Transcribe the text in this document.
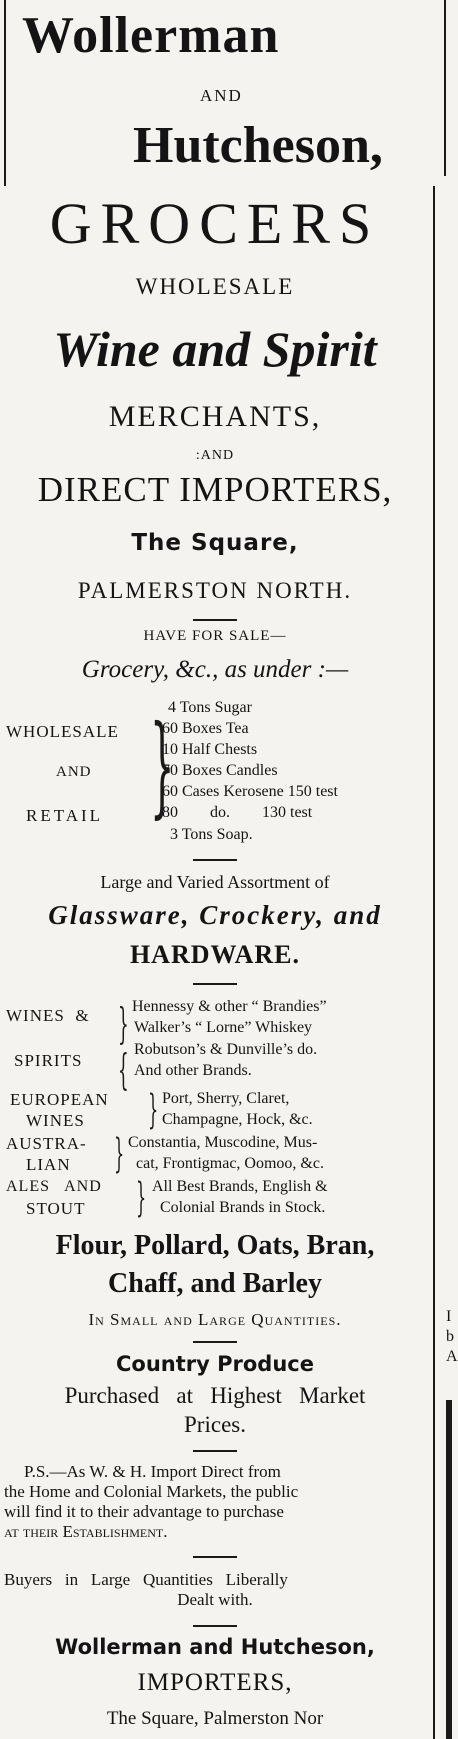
Wollerman
AND
Hutcheson,
GROCERS
WHOLESALE
Wine and Spirit
MERCHANTS,
:AND
DIRECT IMPORTERS,
The Square,
PALMERSTON NORTH.
HAVE FOR SALE—
Grocery, &c., as under :—
WHOLESALE
AND
RETAIL }
4 Tons Sugar
60 Boxes Tea
10 Half Chests
70 Boxes Candles
60 Cases Kerosene 150 test
80        do.        130 test
3 Tons Soap.
Large and Varied Assortment of
Glassware, Crockery, and
HARDWARE.
WINES  &
SPIRITS
}
{
Hennessy & other “ Brandies”
Walker’s “ Lorne” Whiskey
Robutson’s & Dunville’s do.
And other Brands.
EUROPEAN
WINES } Port, Sherry, Claret,
Champagne, Hock, &c.
AUSTRA-
LIAN } Constantia, Muscodine, Mus-
cat, Frontigmac, Oomoo, &c.
ALES   AND
STOUT } All Best Brands, English &
Colonial Brands in Stock.
Flour, Pollard, Oats, Bran,
Chaff, and Barley
In Small and Large Quantities.
Country Produce
Purchased   at   Highest   Market
Prices.
P.S.—As W. & H. Import Direct from
the Home and Colonial Markets, the public
will find it to their advantage to purchase
at their Establishment.
Buyers   in   Large   Quantities   Liberally
Dealt with.
Wollerman and Hutcheson,
IMPORTERS,
The Square, Palmerston Nor
I
b
A
